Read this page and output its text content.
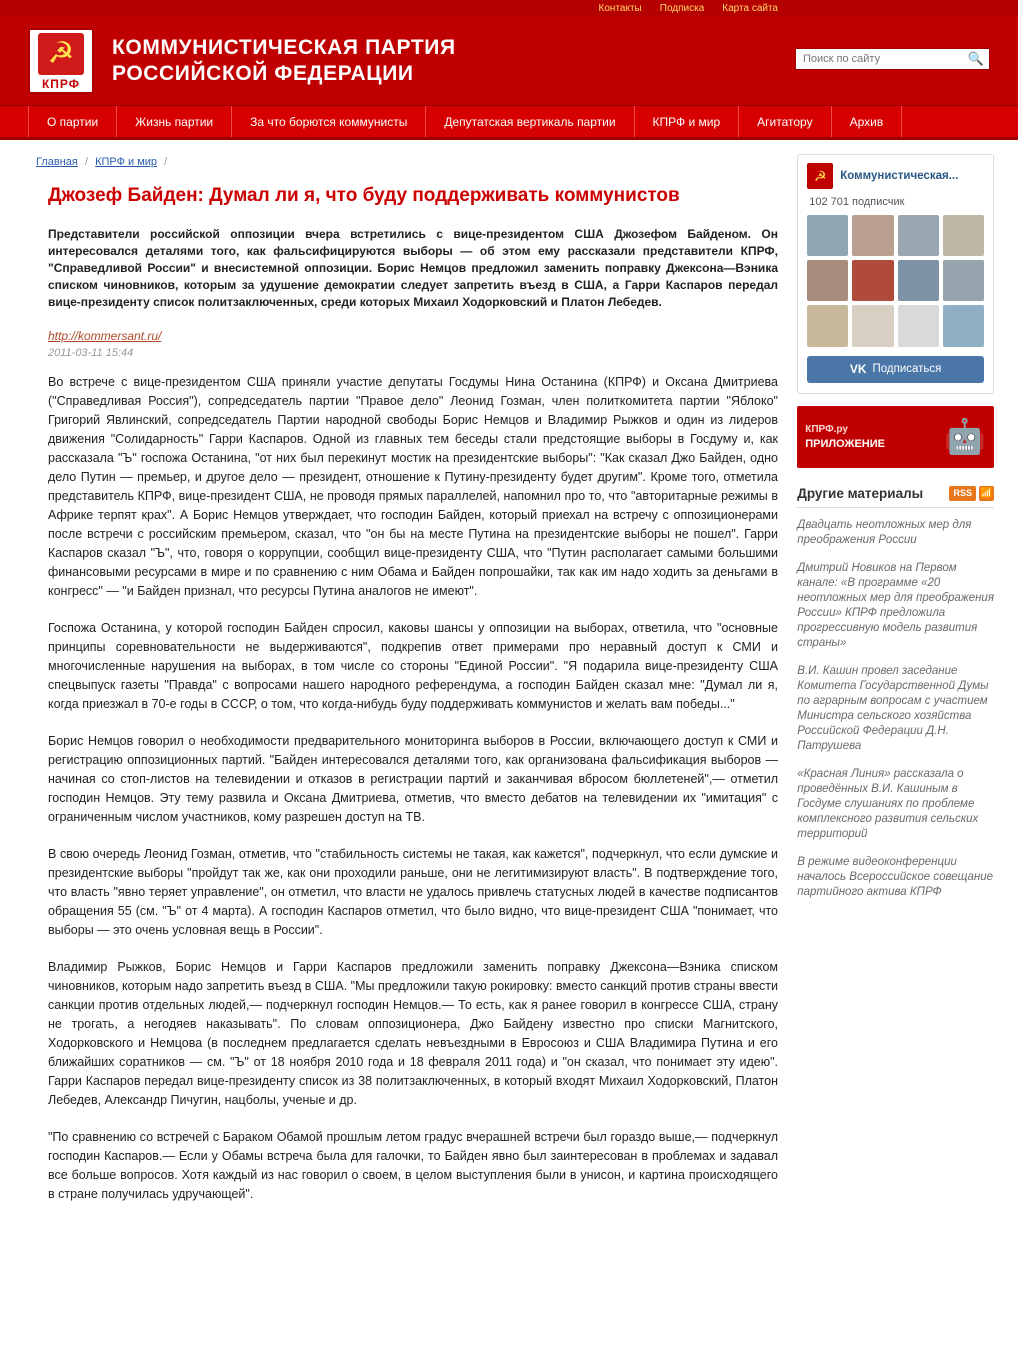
Контакты Подписка Карта сайта
☭
КПРФ
КОММУНИСТИЧЕСКАЯ ПАРТИЯ
РОССИЙСКОЙ ФЕДЕРАЦИИ
Поиск по сайту
🔍
О партии	Жизнь партии	За что борются коммунисты	Депутатская вертикаль партии	КПРФ и мир	Агитатору	Архив
Главная / КПРФ и мир /
Джозеф Байден: Думал ли я, что буду поддерживать коммунистов
Представители российской оппозиции вчера встретились с вице-президентом США Джозефом Байденом. Он интересовался деталями того, как фальсифицируются выборы — об этом ему рассказали представители КПРФ, "Справедливой России" и внесистемной оппозиции. Борис Немцов предложил заменить поправку Джексона—Вэника списком чиновников, которым за удушение демократии следует запретить въезд в США, а Гарри Каспаров передал вице-президенту список политзаключенных, среди которых Михаил Ходорковский и Платон Лебедев.
http://kommersant.ru/
2011-03-11 15:44

Во встрече с вице-президентом США приняли участие депутаты Госдумы Нина Останина (КПРФ) и Оксана Дмитриева ("Справедливая Россия"), сопредседатель партии "Правое дело" Леонид Гозман, член политкомитета партии "Яблоко" Григорий Явлинский, сопредседатель Партии народной свободы Борис Немцов и Владимир Рыжков и один из лидеров движения "Солидарность" Гарри Каспаров. Одной из главных тем беседы стали предстоящие выборы в Госдуму и, как рассказала "Ъ" госпожа Останина, "от них был перекинут мостик на президентские выборы": "Как сказал Джо Байден, одно дело Путин — премьер, и другое дело — президент, отношение к Путину-президенту будет другим". Кроме того, отметила представитель КПРФ, вице-президент США, не проводя прямых параллелей, напомнил про то, что "авторитарные режимы в Африке терпят крах". А Борис Немцов утверждает, что господин Байден, который приехал на встречу с оппозиционерами после встречи с российским премьером, сказал, что "он бы на месте Путина на президентские выборы не пошел". Гарри Каспаров сказал "Ъ", что, говоря о коррупции, сообщил вице-президенту США, что "Путин располагает самыми большими финансовыми ресурсами в мире и по сравнению с ним Обама и Байден попрошайки, так как им надо ходить за деньгами в конгресс" — "и Байден признал, что ресурсы Путина аналогов не имеют".

Госпожа Останина, у которой господин Байден спросил, каковы шансы у оппозиции на выборах, ответила, что "основные принципы соревновательности не выдерживаются", подкрепив ответ примерами про неравный доступ к СМИ и многочисленные нарушения на выборах, в том числе со стороны "Единой России". "Я подарила вице-президенту США спецвыпуск газеты "Правда" с вопросами нашего народного референдума, а господин Байден сказал мне: "Думал ли я, когда приезжал в 70-е годы в СССР, о том, что когда-нибудь буду поддерживать коммунистов и желать вам победы..."

Борис Немцов говорил о необходимости предварительного мониторинга выборов в России, включающего доступ к СМИ и регистрацию оппозиционных партий. "Байден интересовался деталями того, как организована фальсификация выборов — начиная со стоп-листов на телевидении и отказов в регистрации партий и заканчивая вбросом бюллетеней",— отметил господин Немцов. Эту тему развила и Оксана Дмитриева, отметив, что вместо дебатов на телевидении их "имитация" с ограниченным числом участников, кому разрешен доступ на ТВ.

В свою очередь Леонид Гозман, отметив, что "стабильность системы не такая, как кажется", подчеркнул, что если думские и президентские выборы "пройдут так же, как они проходили раньше, они не легитимизируют власть". В подтверждение того, что власть "явно теряет управление", он отметил, что власти не удалось привлечь статусных людей в качестве подписантов обращения 55 (см. "Ъ" от 4 марта). А господин Каспаров отметил, что было видно, что вице-президент США "понимает, что выборы — это очень условная вещь в России".

Владимир Рыжков, Борис Немцов и Гарри Каспаров предложили заменить поправку Джексона—Вэника списком чиновников, которым надо запретить въезд в США. "Мы предложили такую рокировку: вместо санкций против страны ввести санкции против отдельных людей,— подчеркнул господин Немцов.— То есть, как я ранее говорил в конгрессе США, страну не трогать, а негодяев наказывать". По словам оппозиционера, Джо Байдену известно про списки Магнитского, Ходорковского и Немцова (в последнем предлагается сделать невъездными в Евросоюз и США Владимира Путина и его ближайших соратников — см. "Ъ" от 18 ноября 2010 года и 18 февраля 2011 года) и "он сказал, что понимает эту идею". Гарри Каспаров передал вице-президенту список из 38 политзаключенных, в который входят Михаил Ходорковский, Платон Лебедев, Александр Пичугин, нацболы, ученые и др.

"По сравнению со встречей с Бараком Обамой прошлым летом градус вчерашней встречи был гораздо выше,— подчеркнул господин Каспаров.— Если у Обамы встреча была для галочки, то Байден явно был заинтересован в проблемах и задавал все больше вопросов. Хотя каждый из нас говорил о своем, в целом выступления были в унисон, и картина происходящего в стране получилась удручающей".

☭	Коммунистическая...
102 701 подписчик
VK Подписаться
КПРФ.ру
ПРИЛОЖЕНИЕ 🤖
Другие материалы	RSS 📶
Двадцать неотложных мер для преображения России
Дмитрий Новиков на Первом канале: «В программе «20 неотложных мер для преображения России» КПРФ предложила прогрессивную модель развития страны»
В.И. Кашин провел заседание Комитета Государственной Думы по аграрным вопросам с участием Министра сельского хозяйства Российской Федерации Д.Н. Патрушева
«Красная Линия» рассказала о проведённых В.И. Кашиным в Госдуме слушаниях по проблеме комплексного развития сельских территорий
В режиме видеоконференции началось Всероссийское совещание партийного актива КПРФ
